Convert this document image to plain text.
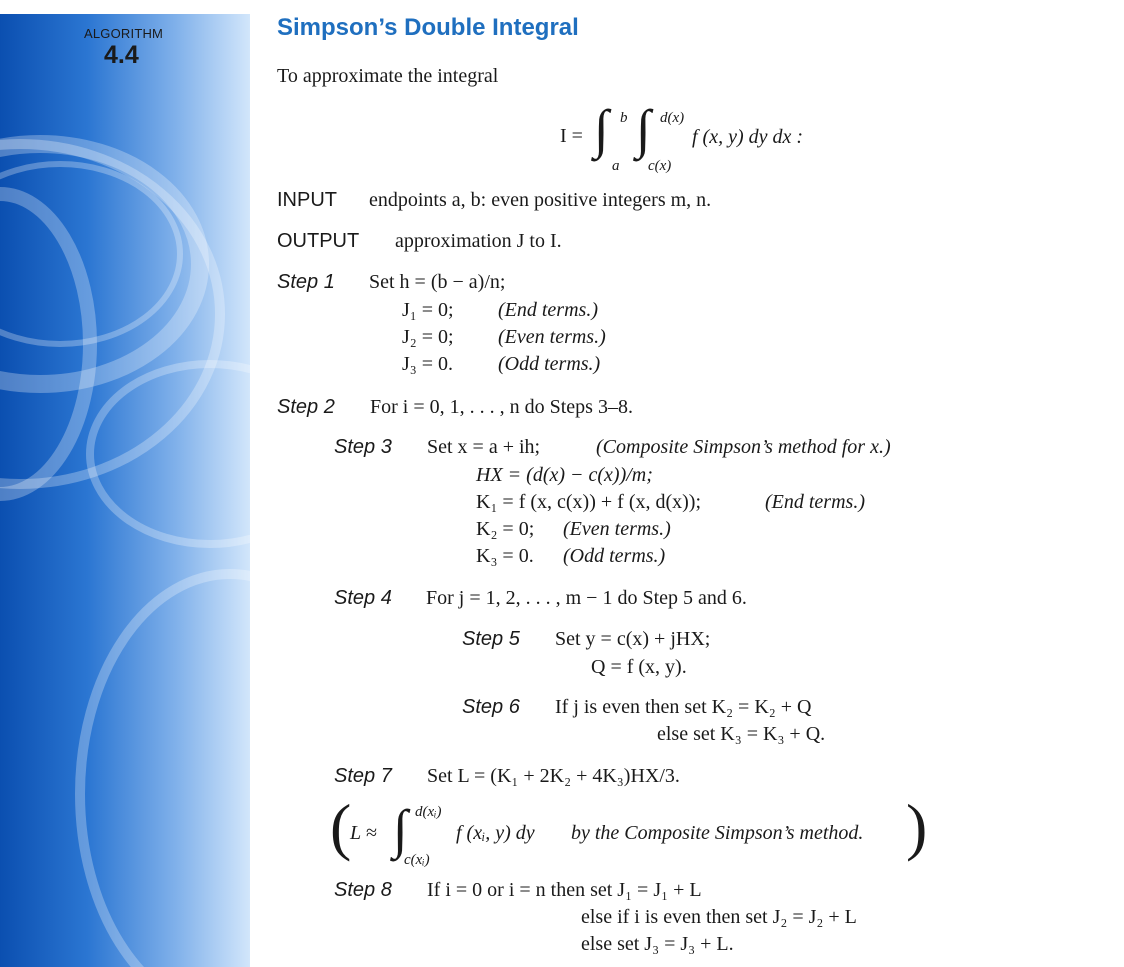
ALGORITHM
4.4
Simpson’s Double Integral
To approximate the integral
I = ∫ b
a
∫ d(x)
c(x)
f (x, y) dy dx :
INPUT endpoints a, b: even positive integers m, n.
OUTPUT approximation J to I.
Step 1 Set h = (b − a)/n;
J₁ = 0; (End terms.)
J₂ = 0; (Even terms.)
J₃ = 0. (Odd terms.)
Step 2 For i = 0, 1, . . . , n do Steps 3–8.
Step 3 Set x = a + ih;	(Composite Simpson’s method for x.)
HX = (d(x) − c(x))/m;
K₁ = f (x, c(x)) + f (x, d(x));	(End terms.)
K₂ = 0; (Even terms.)
K₃ = 0. (Odd terms.)
Step 4 For j = 1, 2, . . . , m − 1 do Step 5 and 6.
Step 5 Set y = c(x) + jHX;
Q = f (x, y).
Step 6 If j is even then set K₂ = K₂ + Q
else set K₃ = K₃ + Q.
Step 7 Set L = (K₁ + 2K₂ + 4K₃)HX/3.
(
L ≈ ∫ d(xᵢ)
c(xᵢ)
f (xᵢ, y) dy by the Composite Simpson’s method. )
Step 8 If i = 0 or i = n then set J₁ = J₁ + L
else if i is even then set J₂ = J₂ + L
else set J₃ = J₃ + L.
